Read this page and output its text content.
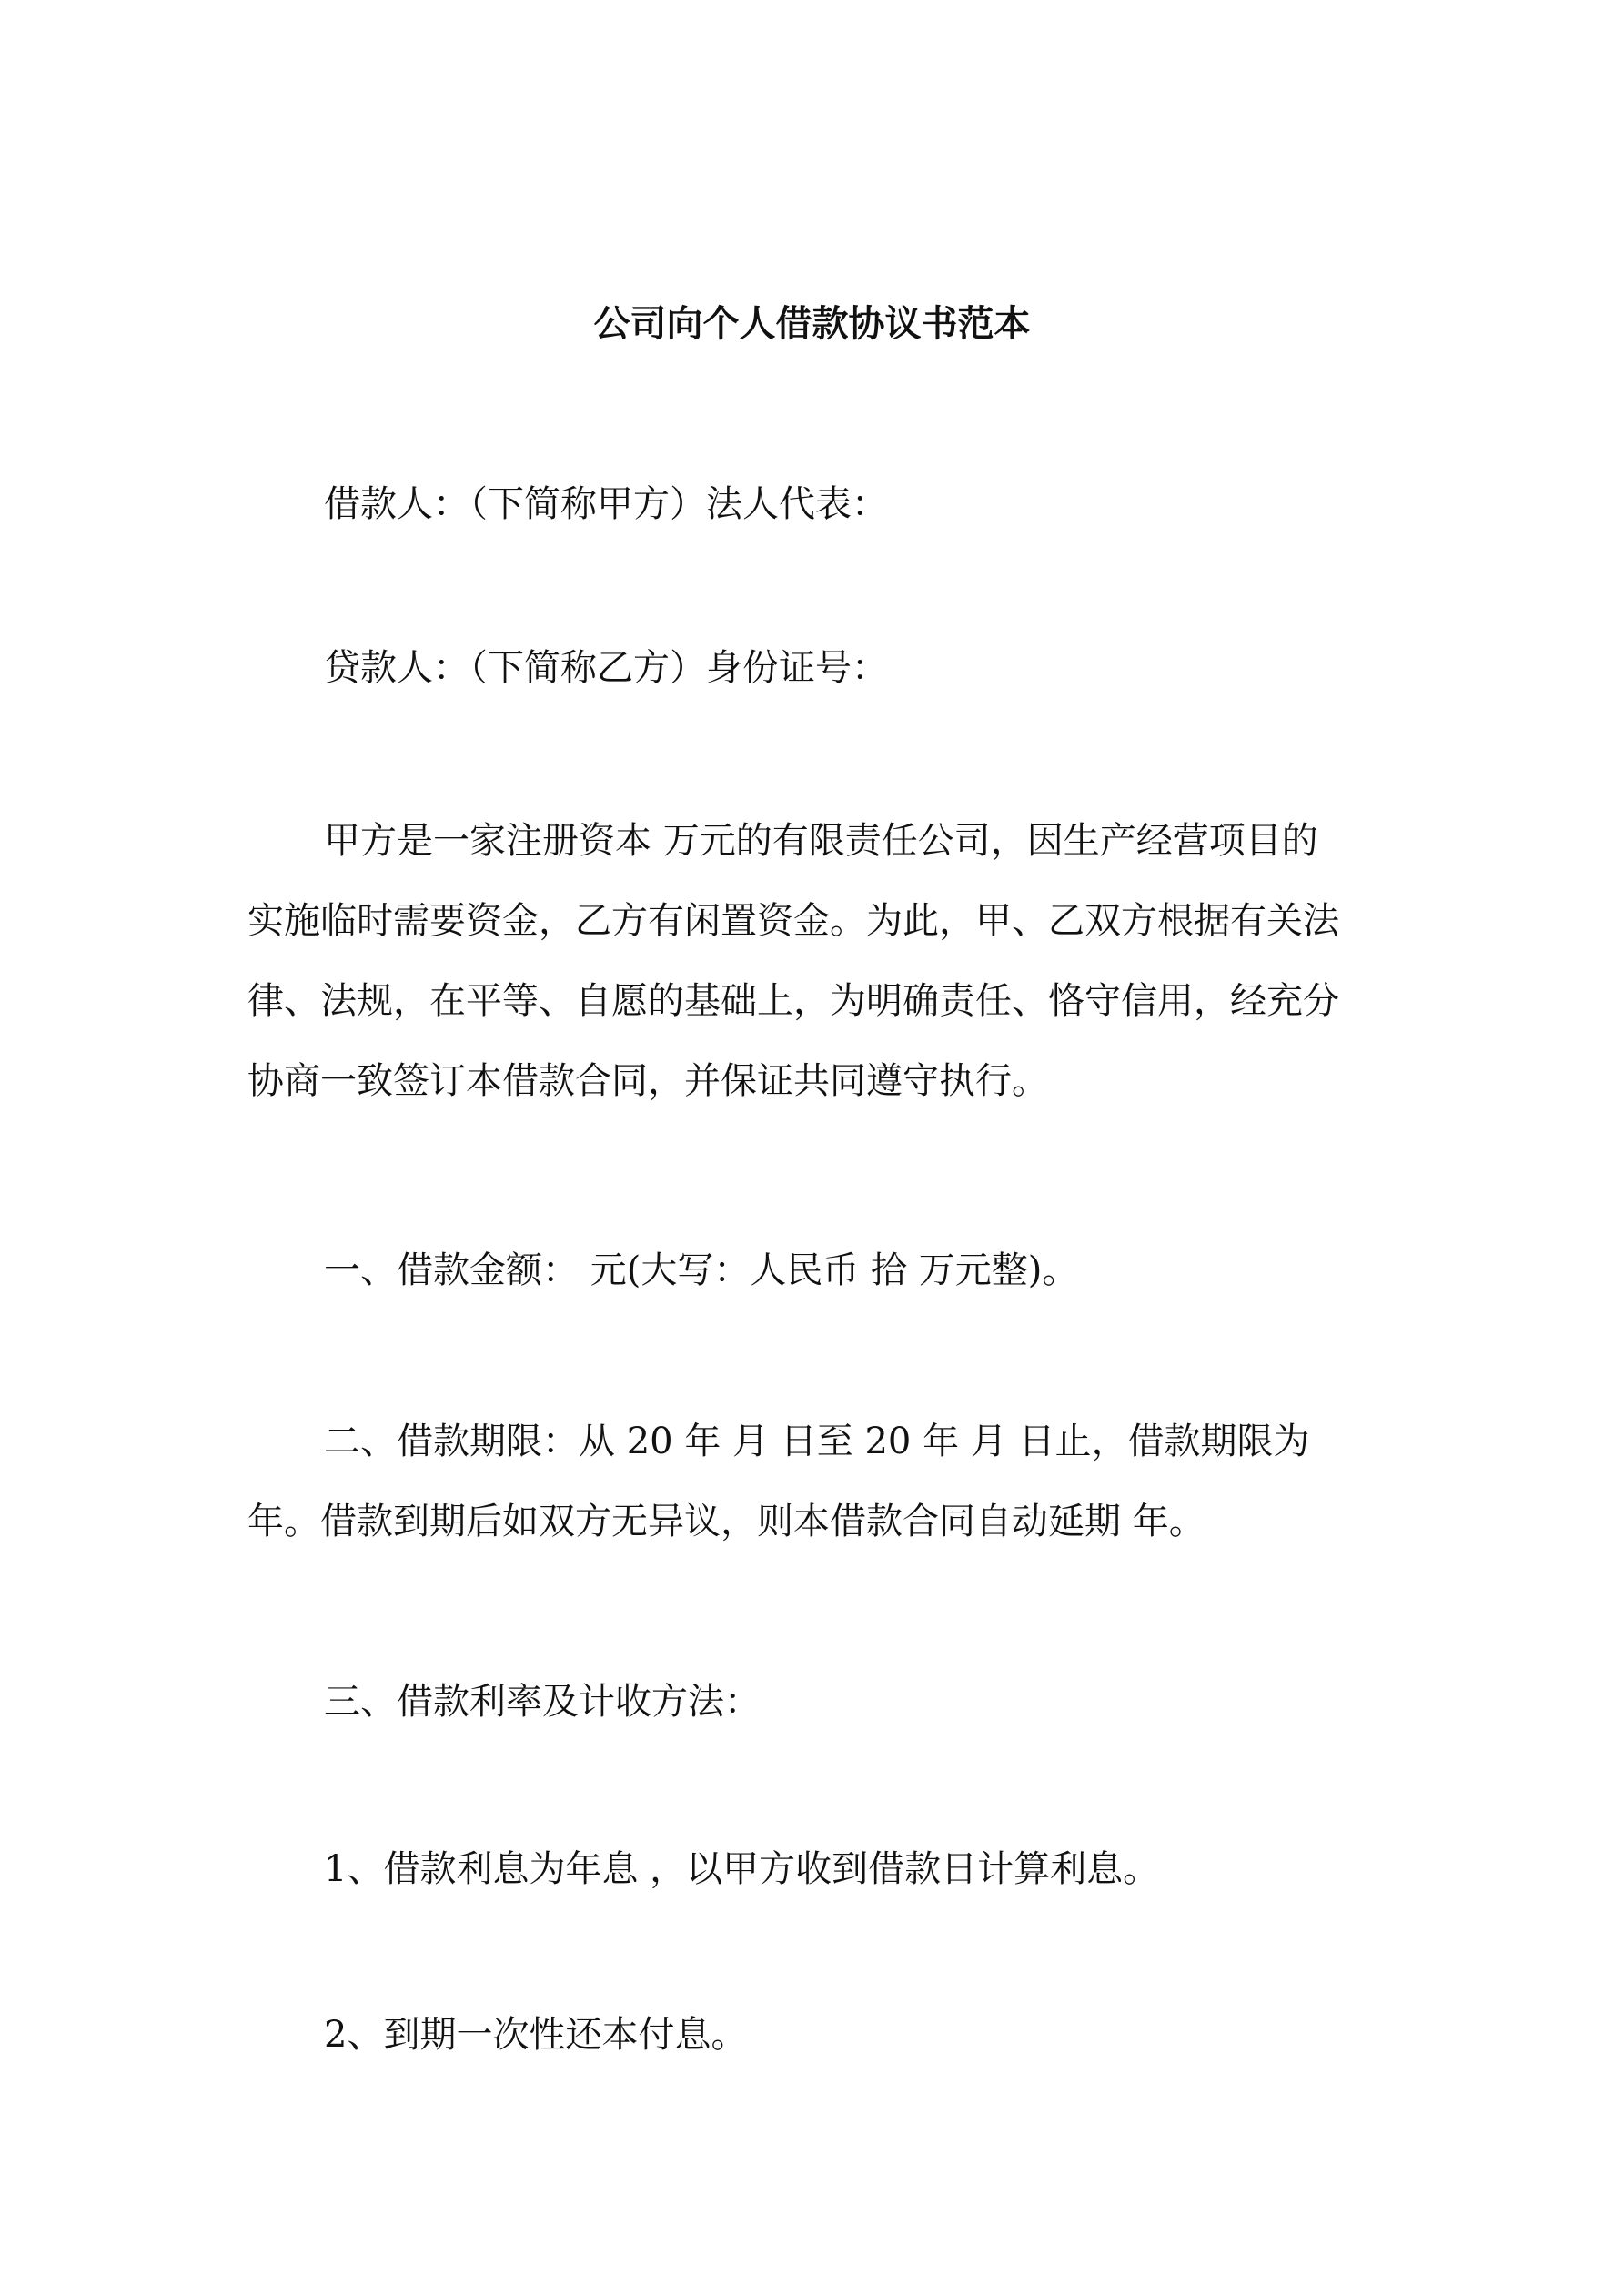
公司向个人借款协议书范本
借款人：（下简称甲方）法人代表：
贷款人：（下简称乙方）身份证号：
甲方是一家注册资本 万元的有限责任公司，因生产经营项目的
实施临时需要资金，乙方有闲置资金。为此，甲、乙双方根据有关法
律、法规，在平等、自愿的基础上，为明确责任、恪守信用，经充分
协商一致签订本借款合同，并保证共同遵守执行。
一、借款金额： 元(大写：人民币 拾 万元整)。
二、借款期限：从 20 年 月 日至 20 年 月 日止，借款期限为
年。借款到期后如双方无异议，则本借款合同自动延期 年。
三、借款利率及计收方法：
1、借款利息为年息 ，以甲方收到借款日计算利息。
2、到期一次性还本付息。
